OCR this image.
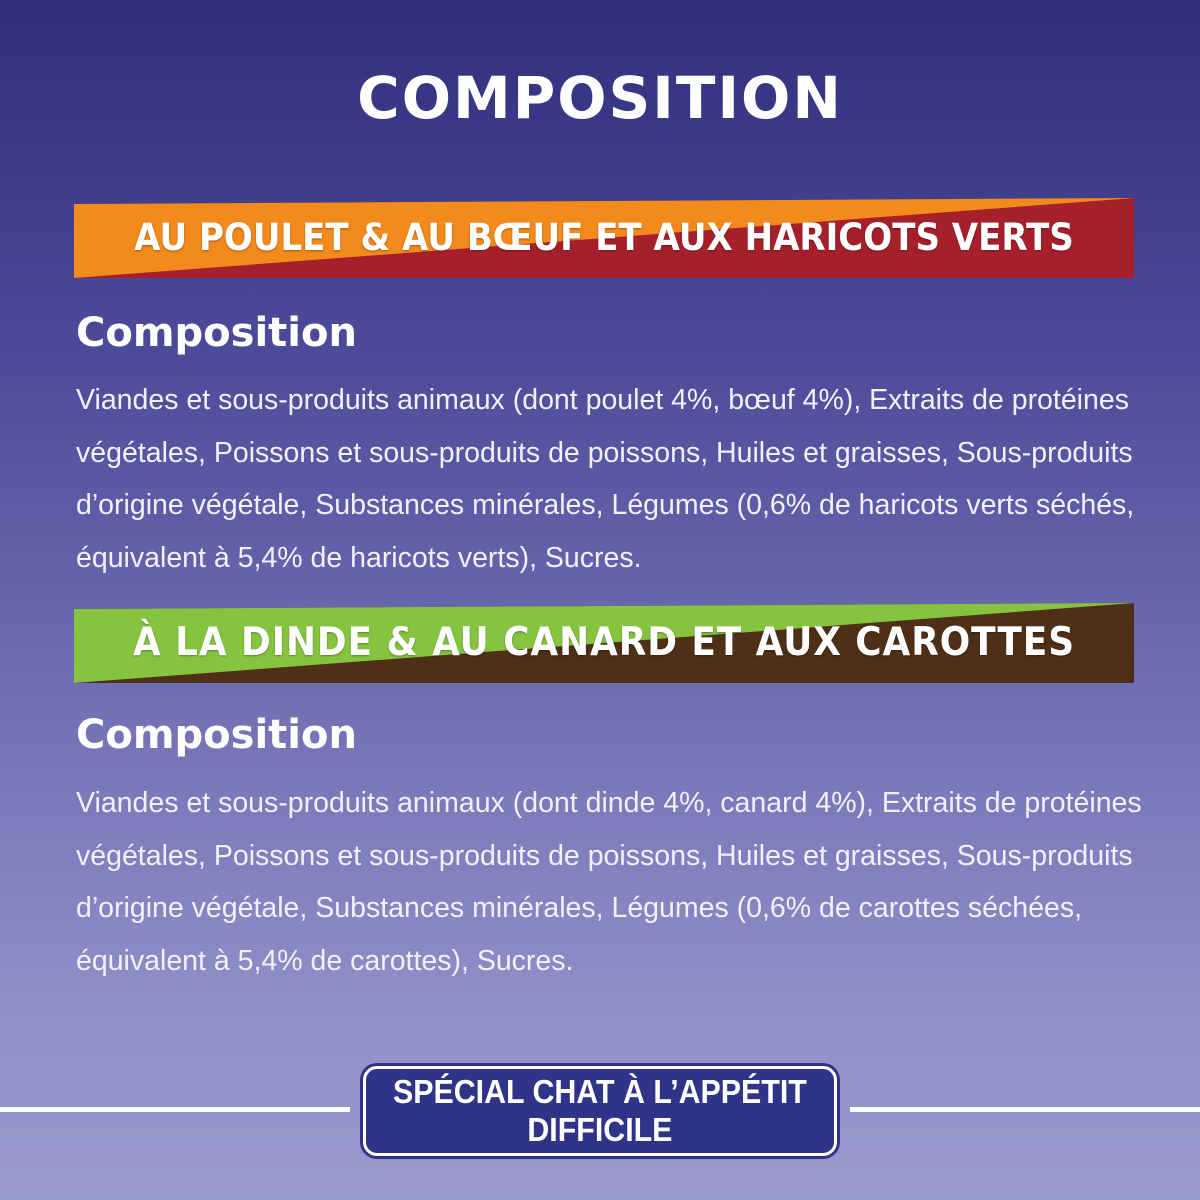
COMPOSITION
AU POULET & AU BŒUF ET AUX HARICOTS VERTS
Composition
Viandes et sous-produits animaux (dont poulet 4%, bœuf 4%), Extraits de protéines végétales, Poissons et sous-produits de poissons, Huiles et graisses, Sous-produits d’origine végétale, Substances minérales, Légumes (0,6% de haricots verts séchés, équivalent à 5,4% de haricots verts), Sucres.
À LA DINDE & AU CANARD ET AUX CAROTTES
Composition
Viandes et sous-produits animaux (dont dinde 4%, canard 4%), Extraits de protéines végétales, Poissons et sous-produits de poissons, Huiles et graisses, Sous-produits d’origine végétale, Substances minérales, Légumes (0,6% de carottes séchées, équivalent à 5,4% de carottes), Sucres.
SPÉCIAL CHAT À L’APPÉTIT
DIFFICILE
